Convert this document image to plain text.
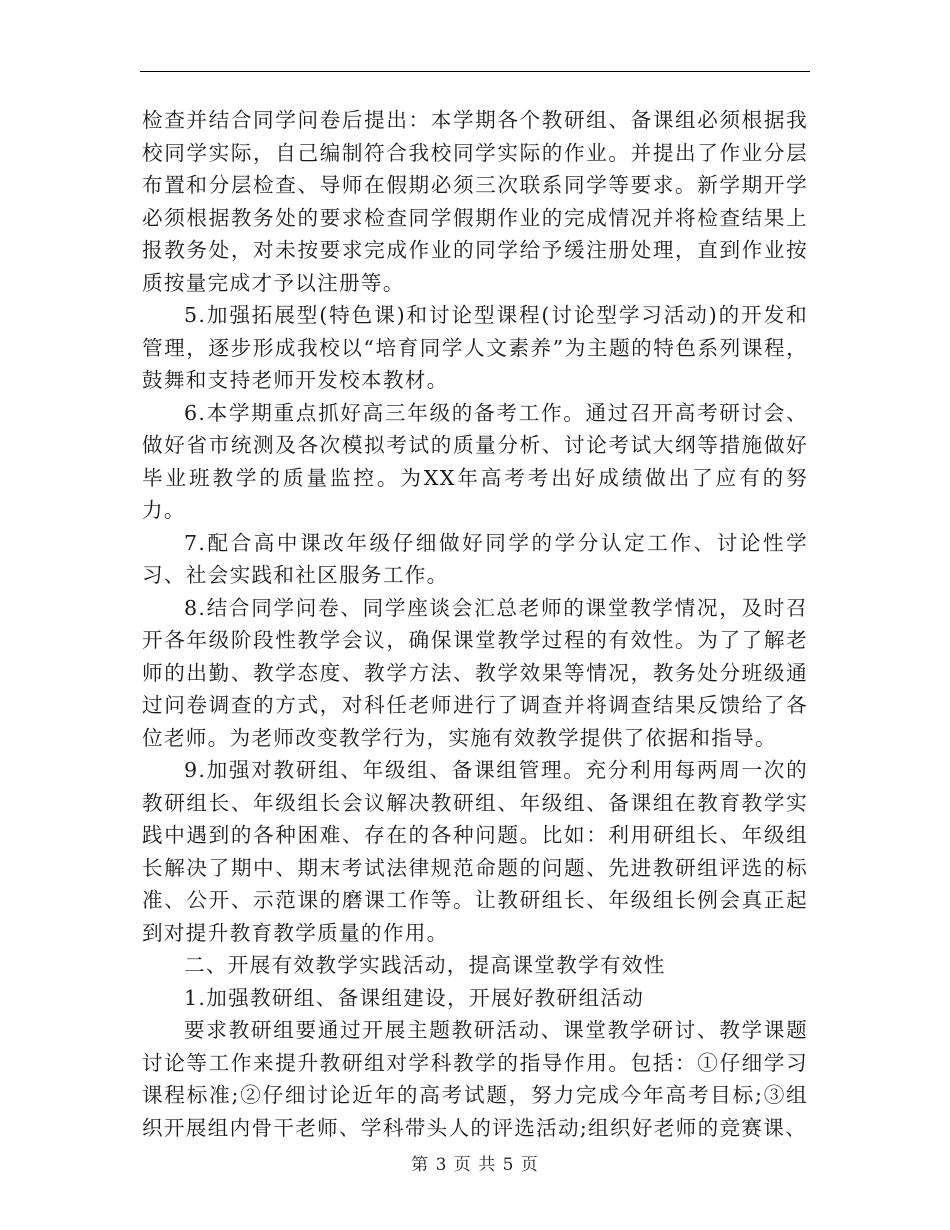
检查并结合同学问卷后提出：本学期各个教研组、备课组必须根据我校同学实际，自己编制符合我校同学实际的作业。并提出了作业分层布置和分层检查、导师在假期必须三次联系同学等要求。新学期开学必须根据教务处的要求检查同学假期作业的完成情况并将检查结果上报教务处，对未按要求完成作业的同学给予缓注册处理，直到作业按质按量完成才予以注册等。

5.加强拓展型(特色课)和讨论型课程(讨论型学习活动)的开发和管理，逐步形成我校以“培育同学人文素养”为主题的特色系列课程，鼓舞和支持老师开发校本教材。

6.本学期重点抓好高三年级的备考工作。通过召开高考研讨会、做好省市统测及各次模拟考试的质量分析、讨论考试大纲等措施做好毕业班教学的质量监控。为XX年高考考出好成绩做出了应有的努力。

7.配合高中课改年级仔细做好同学的学分认定工作、讨论性学习、社会实践和社区服务工作。

8.结合同学问卷、同学座谈会汇总老师的课堂教学情况，及时召开各年级阶段性教学会议，确保课堂教学过程的有效性。为了了解老师的出勤、教学态度、教学方法、教学效果等情况，教务处分班级通过问卷调查的方式，对科任老师进行了调查并将调查结果反馈给了各位老师。为老师改变教学行为，实施有效教学提供了依据和指导。

9.加强对教研组、年级组、备课组管理。充分利用每两周一次的教研组长、年级组长会议解决教研组、年级组、备课组在教育教学实践中遇到的各种困难、存在的各种问题。比如：利用研组长、年级组长解决了期中、期末考试法律规范命题的问题、先进教研组评选的标准、公开、示范课的磨课工作等。让教研组长、年级组长例会真正起到对提升教育教学质量的作用。

二、开展有效教学实践活动，提高课堂教学有效性

1.加强教研组、备课组建设，开展好教研组活动

要求教研组要通过开展主题教研活动、课堂教学研讨、教学课题讨论等工作来提升教研组对学科教学的指导作用。包括：①仔细学习课程标准;②仔细讨论近年的高考试题，努力完成今年高考目标;③组织开展组内骨干老师、学科带头人的评选活动;组织好老师的竞赛课、

第 3 页 共 5 页
